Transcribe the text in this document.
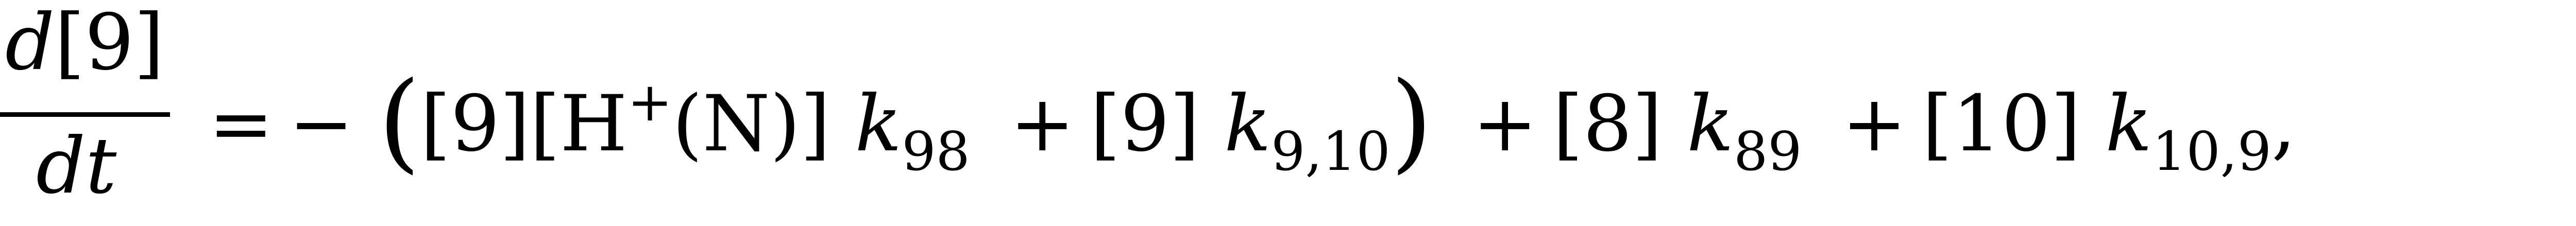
d[9]
dt = − ([9][H+(N)] $k_{98} + [9] k_{9,10}) + [8] k_{89} + [10]$ $k_{10,9}$,
